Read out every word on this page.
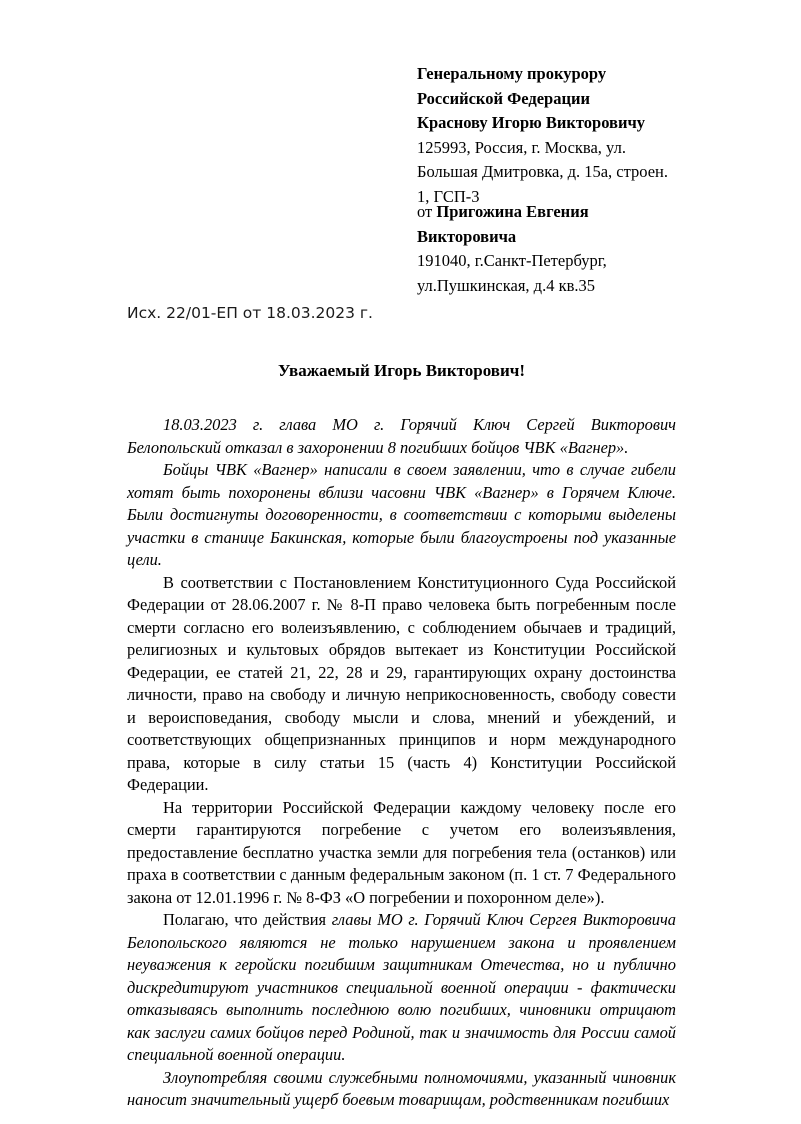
Генеральному прокурору Российской Федерации
Краснову Игорю Викторовичу
125993, Россия, г. Москва, ул. Большая Дмитровка, д. 15а, строен. 1, ГСП-3
от Пригожина Евгения Викторовича
191040, г.Санкт-Петербург,
ул.Пушкинская, д.4 кв.35
Исх. 22/01-ЕП от 18.03.2023 г.
Уважаемый Игорь Викторович!

18.03.2023 г. глава МО г. Горячий Ключ Сергей Викторович Белопольский отказал в захоронении 8 погибших бойцов ЧВК «Вагнер».

Бойцы ЧВК «Вагнер» написали в своем заявлении, что в случае гибели хотят быть похоронены вблизи часовни ЧВК «Вагнер» в Горячем Ключе. Были достигнуты договоренности, в соответствии с которыми выделены участки в станице Бакинская, которые были благоустроены под указанные цели.

В соответствии с Постановлением Конституционного Суда Российской Федерации от 28.06.2007 г. № 8-П право человека быть погребенным после смерти согласно его волеизъявлению, с соблюдением обычаев и традиций, религиозных и культовых обрядов вытекает из Конституции Российской Федерации, ее статей 21, 22, 28 и 29, гарантирующих охрану достоинства личности, право на свободу и личную неприкосновенность, свободу совести и вероисповедания, свободу мысли и слова, мнений и убеждений, и соответствующих общепризнанных принципов и норм международного права, которые в силу статьи 15 (часть 4) Конституции Российской Федерации.

На территории Российской Федерации каждому человеку после его смерти гарантируются погребение с учетом его волеизъявления, предоставление бесплатно участка земли для погребения тела (останков) или праха в соответствии с данным федеральным законом (п. 1 ст. 7 Федерального закона от 12.01.1996 г. № 8-ФЗ «О погребении и похоронном деле»).

Полагаю, что действия главы МО г. Горячий Ключ Сергея Викторовича Белопольского являются не только нарушением закона и проявлением неуважения к геройски погибшим защитникам Отечества, но и публично дискредитируют участников специальной военной операции - фактически отказываясь выполнить последнюю волю погибших, чиновники отрицают как заслуги самих бойцов перед Родиной, так и значимость для России самой специальной военной операции.

Злоупотребляя своими служебными полномочиями, указанный чиновник наносит значительный ущерб боевым товарищам, родственникам погибших
